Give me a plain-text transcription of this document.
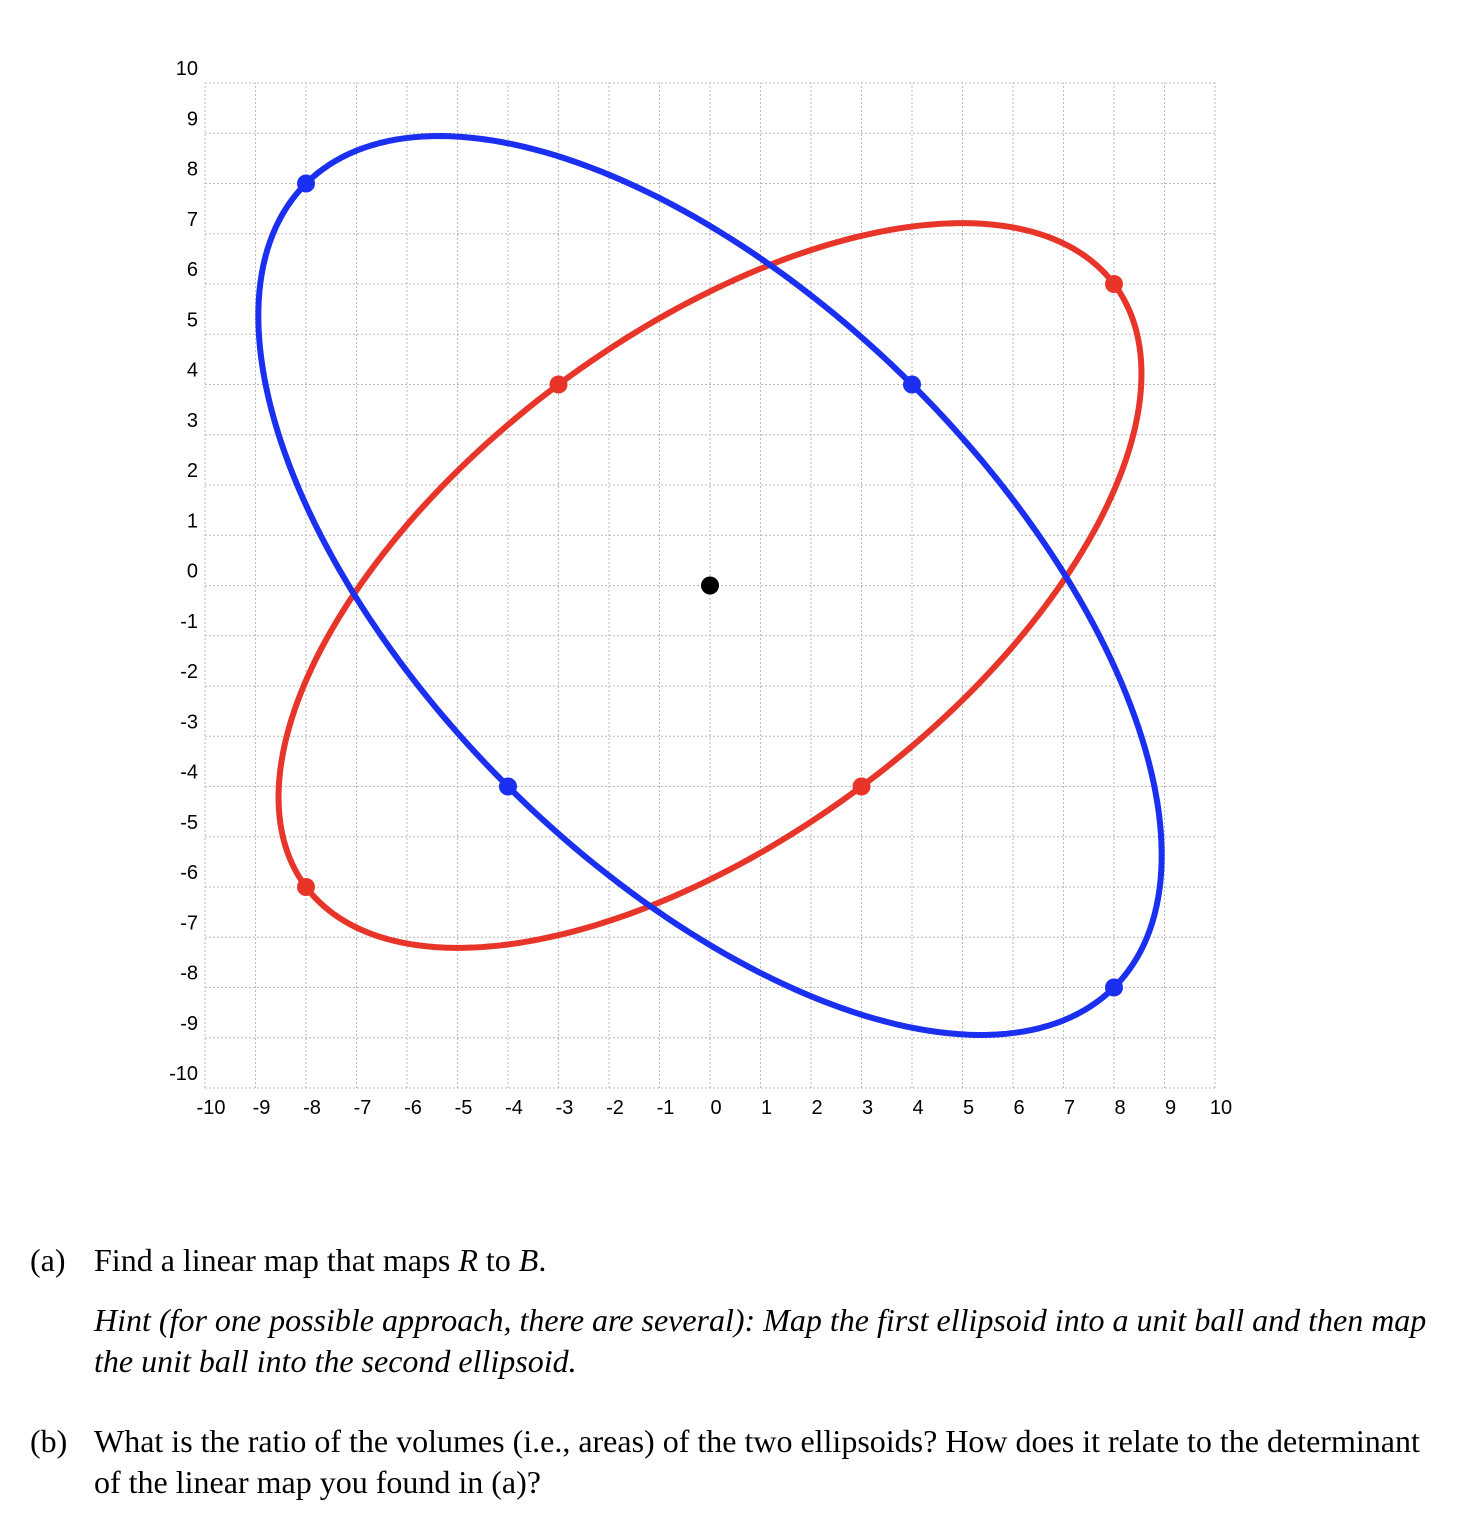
10
9
8
7
6
5
4
3
2
1
0
-1
-2
-3
-4
-5
-6
-7
-8
-9
-10
-10 -9 -8 -7 -6 -5 -4 -3 -2 -1 0 1 2 3 4 5 6 7 8 9 10
(a) Find a linear map that maps R to B.
Hint (for one possible approach, there are several): Map the first ellipsoid into a unit ball and then map the unit ball into the second ellipsoid.
(b) What is the ratio of the volumes (i.e., areas) of the two ellipsoids? How does it relate to the determinant of the linear map you found in (a)?
